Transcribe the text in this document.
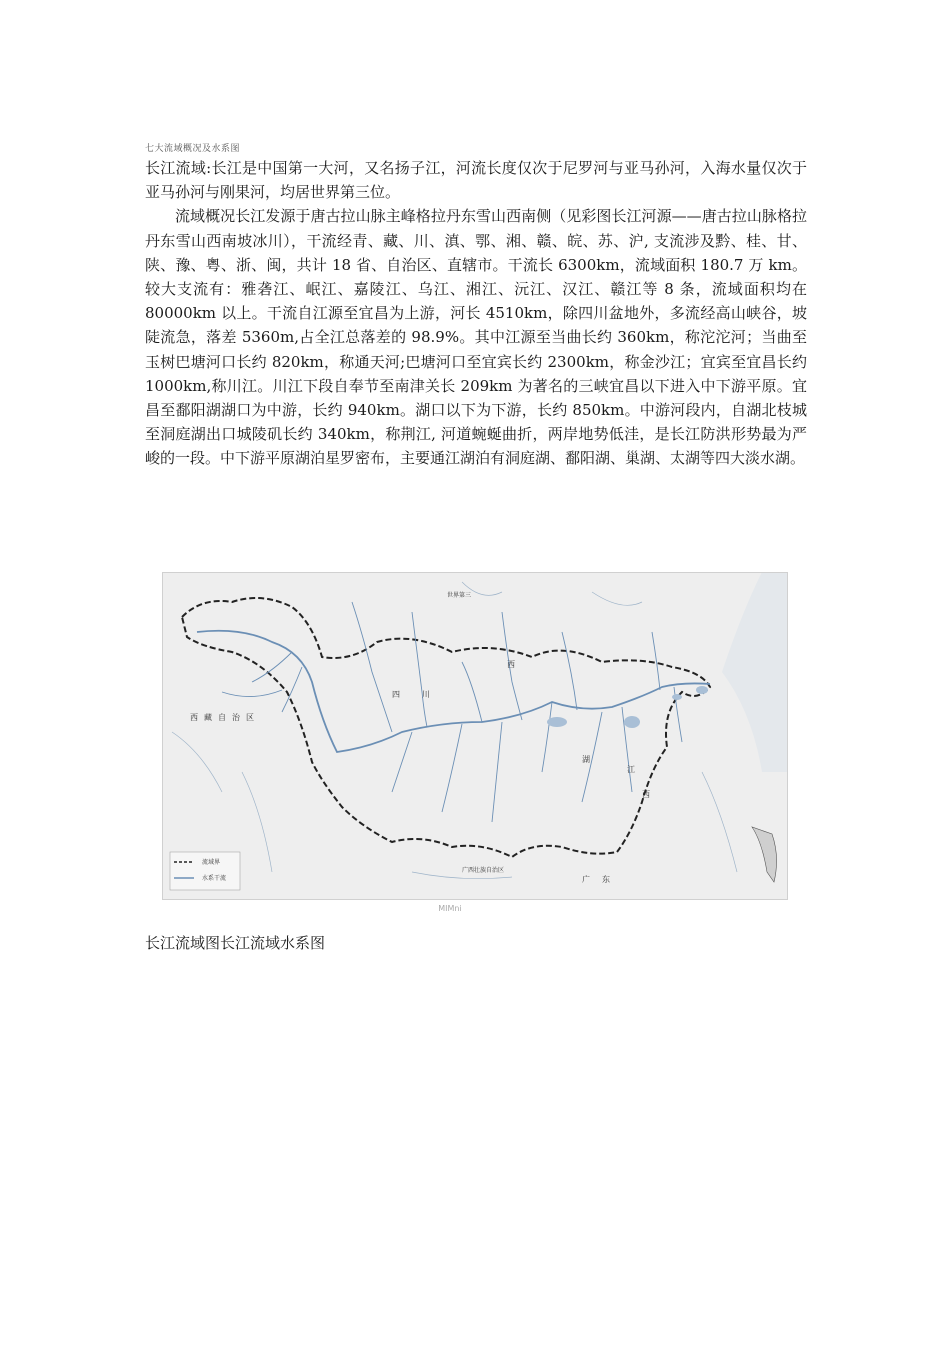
七大流域概况及水系图

长江流域:长江是中国第一大河，又名扬子江，河流长度仅次于尼罗河与亚马孙河，入海水量仅次于亚马孙河与刚果河，均居世界第三位。

流域概况长江发源于唐古拉山脉主峰格拉丹东雪山西南侧（见彩图长江河源——唐古拉山脉格拉丹东雪山西南坡冰川），干流经青、藏、川、滇、鄂、湘、赣、皖、苏、沪, 支流涉及黔、桂、甘、陕、豫、粤、浙、闽，共计 18 省、自治区、直辖市。干流长 6300km，流域面积 180.7 万 km。较大支流有：雅砻江、岷江、嘉陵江、乌江、湘江、沅江、汉江、赣江等 8 条，流域面积均在 80000km 以上。干流自江源至宜昌为上游，河长 4510km，除四川盆地外，多流经高山峡谷，坡陡流急，落差 5360m,占全江总落差的 98.9%。其中江源至当曲长约 360km，称沱沱河；当曲至玉树巴塘河口长约 820km，称通天河;巴塘河口至宜宾长约 2300km，称金沙江；宜宾至宜昌长约 1000km,称川江。川江下段自奉节至南津关长 209km 为著名的三峡宜昌以下进入中下游平原。宜昌至鄱阳湖湖口为中游，长约 940km。湖口以下为下游，长约 850km。中游河段内，自湖北枝城至洞庭湖出口城陵矶长约 340km，称荆江, 河道蜿蜒曲折，两岸地势低洼，是长江防洪形势最为严峻的一段。中下游平原湖泊星罗密布，主要通江湖泊有洞庭湖、鄱阳湖、巢湖、太湖等四大淡水湖。

世界第三
西藏自治区
西
四 川
湖
江
西
广 东
广西壮族自治区
流域界
水系干流
MIMni
长江流域图长江流域水系图
